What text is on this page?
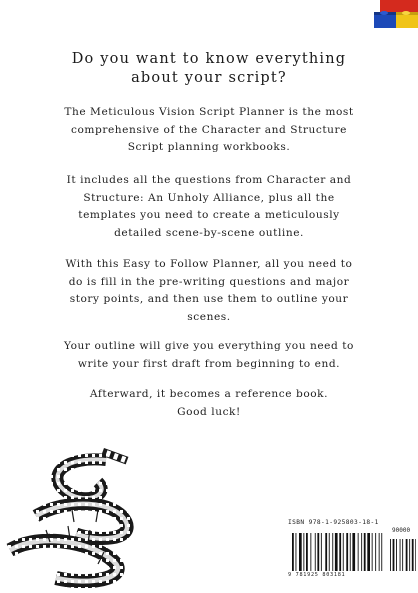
Do you want to know everything
about your script?
The Meticulous Vision Script Planner is the most
comprehensive of the Character and Structure
Script planning workbooks.
It includes all the questions from Character and
Structure: An Unholy Alliance, plus all the
templates you need to create a meticulously
detailed scene-by-scene outline.
With this Easy to Follow Planner, all you need to
do is fill in the pre-writing questions and major
story points, and then use them to outline your
scenes.
Your outline will give you everything you need to
write your first draft from beginning to end.
Afterward, it becomes a reference book.
Good luck!
ISBN 978-1-925803-18-1
90000
9 781925 803181
